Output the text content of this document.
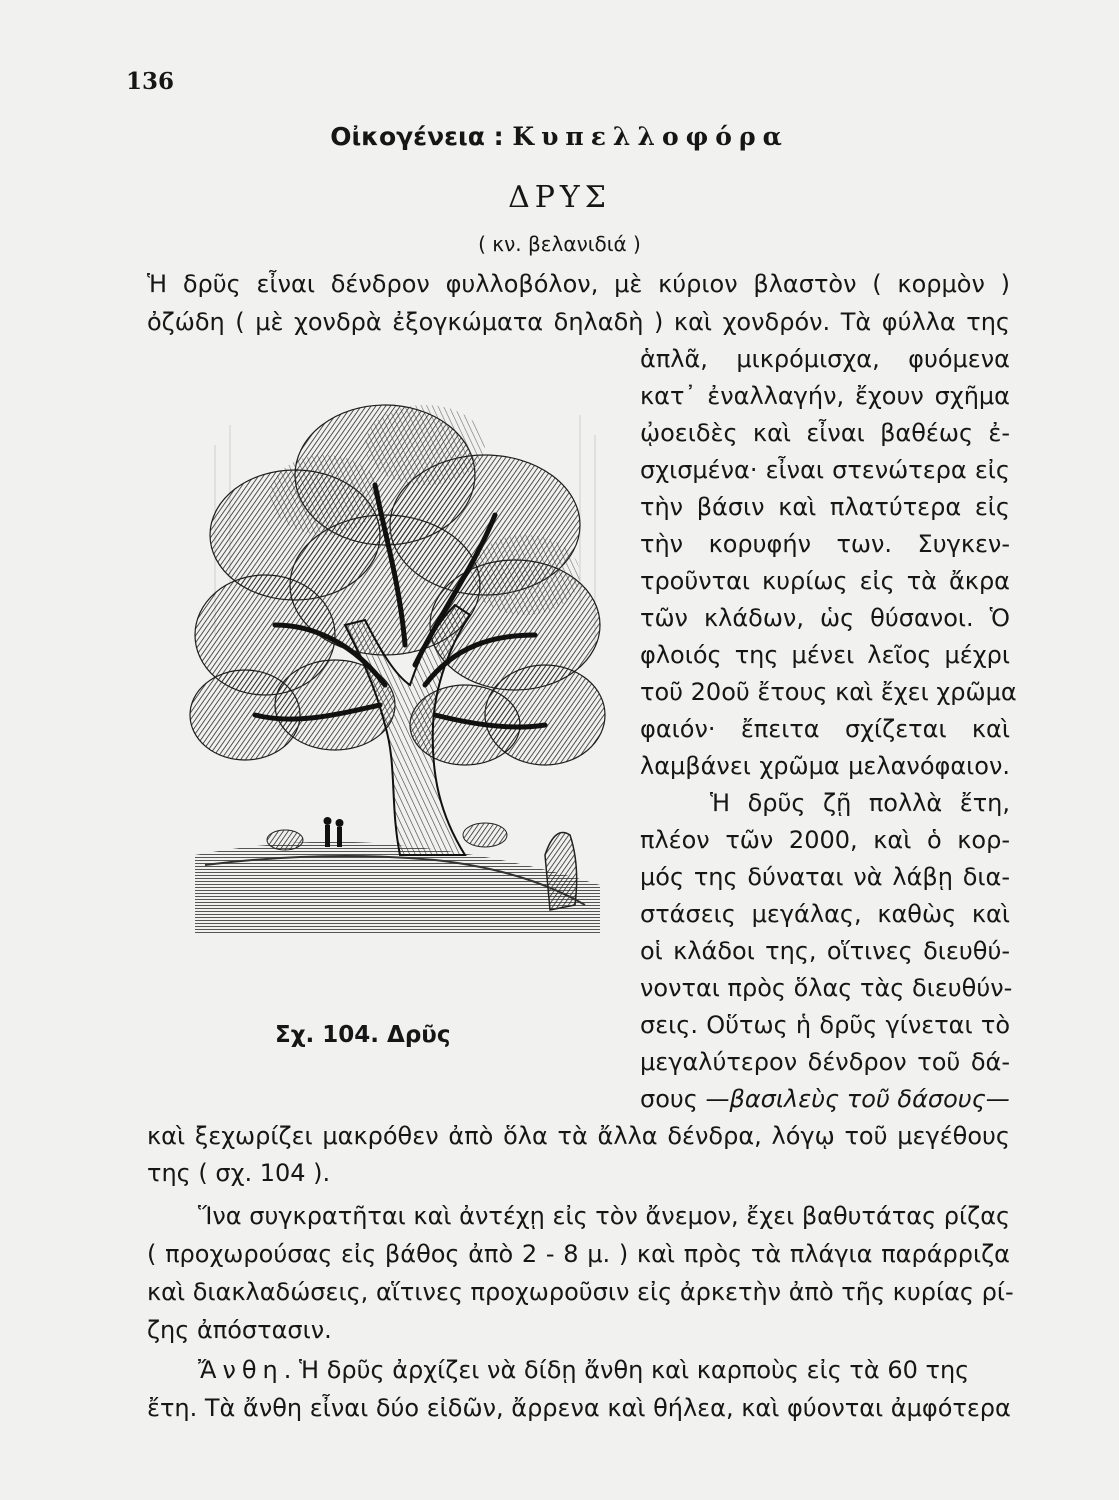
136
Οἰκογένεια : Κυπελλοφόρα
ΔΡΥΣ
( κν. βελανιδιά )
Ἡ δρῦς εἶναι δένδρον φυλλοβόλον, μὲ κύριον βλαστὸν ( κορμὸν )
ὀζώδη ( μὲ χονδρὰ ἐξογκώματα δηλαδὴ ) καὶ χονδρόν. Τὰ φύλλα της
ἁπλᾶ, μικρόμισχα, φυόμενα
κατ᾽ ἐναλλαγήν, ἔχουν σχῆμα
ᾠοειδὲς καὶ εἶναι βαθέως ἐ-
σχισμένα· εἶναι στενώτερα εἰς
τὴν βάσιν καὶ πλατύτερα εἰς
τὴν κορυφήν των. Συγκεν-
τροῦνται κυρίως εἰς τὰ ἄκρα
τῶν κλάδων, ὡς θύσανοι. Ὁ
φλοιός της μένει λεῖος μέχρι
τοῦ 20οῦ ἔτους καὶ ἔχει χρῶμα
φαιόν· ἔπειτα σχίζεται καὶ
λαμβάνει χρῶμα μελανόφαιον.
Ἡ δρῦς ζῇ πολλὰ ἔτη,
πλέον τῶν 2000, καὶ ὁ κορ-
μός της δύναται νὰ λάβῃ δια-
στάσεις μεγάλας, καθὼς καὶ
οἱ κλάδοι της, οἵτινες διευθύ-
νονται πρὸς ὅλας τὰς διευθύν-
σεις. Οὕτως ἡ δρῦς γίνεται τὸ
μεγαλύτερον δένδρον τοῦ δά-
σους —βασιλεὺς τοῦ δάσους—
καὶ ξεχωρίζει μακρόθεν ἀπὸ ὅλα τὰ ἄλλα δένδρα, λόγῳ τοῦ μεγέθους
της ( σχ. 104 ).
Ἵνα συγκρατῆται καὶ ἀντέχῃ εἰς τὸν ἄνεμον, ἔχει βαθυτάτας ρίζας
( προχωρούσας εἰς βάθος ἀπὸ 2 - 8 μ. ) καὶ πρὸς τὰ πλάγια παράρριζα
καὶ διακλαδώσεις, αἵτινες προχωροῦσιν εἰς ἀρκετὴν ἀπὸ τῆς κυρίας ρί-
ζης ἀπόστασιν.
Ἄνθη. Ἡ δρῦς ἀρχίζει νὰ δίδῃ ἄνθη καὶ καρποὺς εἰς τὰ 60 της
ἔτη. Τὰ ἄνθη εἶναι δύο εἰδῶν, ἄρρενα καὶ θήλεα, καὶ φύονται ἀμφότερα
Σχ. 104. Δρῦς
